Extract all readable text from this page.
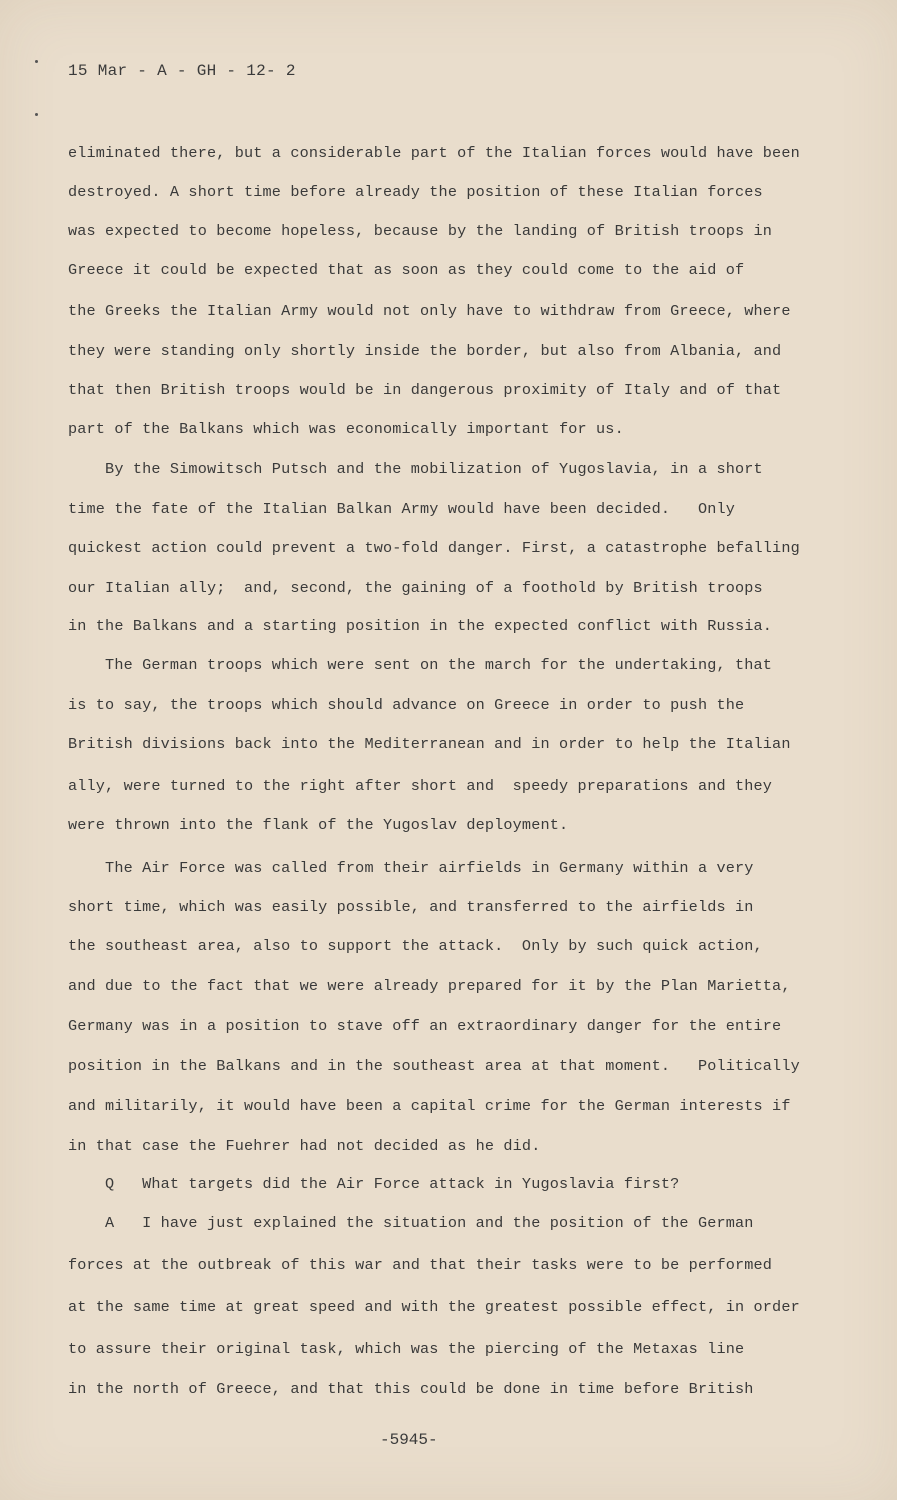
15 Mar - A - GH - 12- 2
eliminated there, but a considerable part of the Italian forces would have been
destroyed. A short time before already the position of these Italian forces
was expected to become hopeless, because by the landing of British troops in
Greece it could be expected that as soon as they could come to the aid of
the Greeks the Italian Army would not only have to withdraw from Greece, where
they were standing only shortly inside the border, but also from Albania, and
that then British troops would be in dangerous proximity of Italy and of that
part of the Balkans which was economically important for us.
By the Simowitsch Putsch and the mobilization of Yugoslavia, in a short
time the fate of the Italian Balkan Army would have been decided.   Only
quickest action could prevent a two-fold danger. First, a catastrophe befalling
our Italian ally;  and, second, the gaining of a foothold by British troops
in the Balkans and a starting position in the expected conflict with Russia.
The German troops which were sent on the march for the undertaking, that
is to say, the troops which should advance on Greece in order to push the
British divisions back into the Mediterranean and in order to help the Italian
ally, were turned to the right after short and  speedy preparations and they
were thrown into the flank of the Yugoslav deployment.
The Air Force was called from their airfields in Germany within a very
short time, which was easily possible, and transferred to the airfields in
the southeast area, also to support the attack.  Only by such quick action,
and due to the fact that we were already prepared for it by the Plan Marietta,
Germany was in a position to stave off an extraordinary danger for the entire
position in the Balkans and in the southeast area at that moment.   Politically
and militarily, it would have been a capital crime for the German interests if
in that case the Fuehrer had not decided as he did.
Q   What targets did the Air Force attack in Yugoslavia first?
A   I have just explained the situation and the position of the German
forces at the outbreak of this war and that their tasks were to be performed
at the same time at great speed and with the greatest possible effect, in order
to assure their original task, which was the piercing of the Metaxas line
in the north of Greece, and that this could be done in time before British
-5945-
